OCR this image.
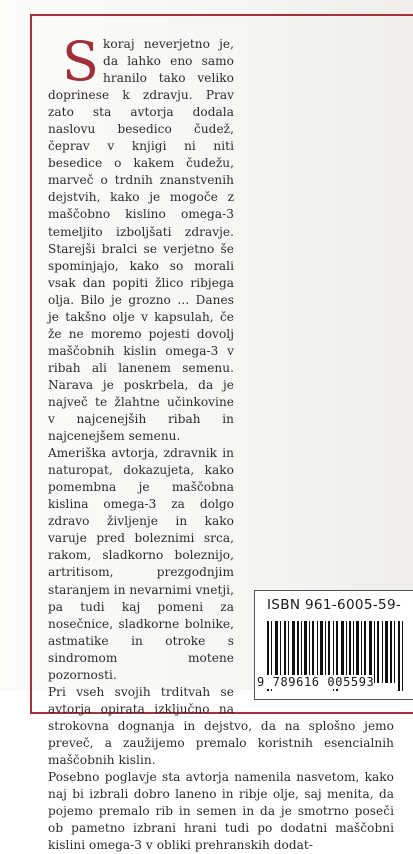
S koraj neverjetno je, da lahko eno samo hranilo tako veliko doprinese k zdravju. Prav zato sta avtorja dodala naslovu besedico čudež, čeprav v knjigi ni niti besedice o kakem čudežu, marveč o trdnih znanstvenih dejstvih, kako je mogoče z maščobno kislino omega-3 temeljito izboljšati zdravje. Starejši bralci se verjetno še spominjajo, kako so morali vsak dan popiti žlico ribjega olja. Bilo je grozno … Danes je takšno olje v kapsulah, če že ne moremo pojesti dovolj maščobnih kislin omega-3 v ribah ali lanenem semenu. Narava je poskrbela, da je največ te žlahtne učinkovine v najcenejših ribah in najcenejšem semenu.

Ameriška avtorja, zdravnik in naturopat, dokazujeta, kako pomembna je maščobna kislina omega-3 za dolgo zdravo življenje in kako varuje pred boleznimi srca, rakom, sladkorno boleznijo, artritisom, prezgodnjim staranjem in nevarnimi vnetji, pa tudi kaj pomeni za nosečnice, sladkorne bolnike, astmatike in otroke s sindromom motene pozornosti.

Pri vseh svojih trditvah se avtorja opirata izključno na strokovna dognanja in dejstvo, da na splošno jemo preveč, a zaužijemo premalo koristnih esencialnih maščobnih kislin.

Posebno poglavje sta avtorja namenila nasvetom, kako naj bi izbrali dobro laneno in ribje olje, saj menita, da pojemo premalo rib in semen in da je smotrno poseči ob pametno izbrani hrani tudi po dodatni maščobni kislini omega-3 v obliki prehranskih dodat-

ISBN 961-6005-59-
9 789616 005593
